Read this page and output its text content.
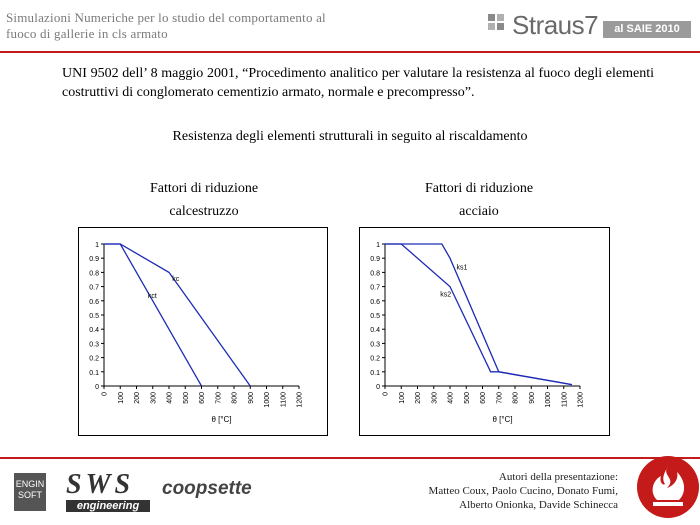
Simulazioni Numeriche per lo studio del comportamento al fuoco di gallerie in cls armato	Straus7	al SAIE 2010
UNI 9502 dell’ 8 maggio 2001, “Procedimento analitico per valutare la resistenza al fuoco degli elementi costruttivi di conglomerato cementizio armato, normale e precompresso”.
Resistenza degli elementi strutturali in seguito al riscaldamento
Fattori di riduzione
calcestruzzo
Fattori di riduzione
acciaio
0
0.1
0.2
0.3
0.4
0.5
0.6
0.7
0.8
0.9
1
0 100 200 300 400 500 600 700 800 900 1000 1100 1200
θ [°C]
kc
kct
0
0.1
0.2
0.3
0.4
0.5
0.6
0.7
0.8
0.9
1
0 100 200 300 400 500 600 700 800 900 1000 1100 1200
θ [°C]
ks1
ks2
ENGIN SOFT SWS
engineering
coopsette
Autori della presentazione:
Matteo Coux, Paolo Cucino, Donato Fumi,
Alberto Onionka, Davide Schinecca
